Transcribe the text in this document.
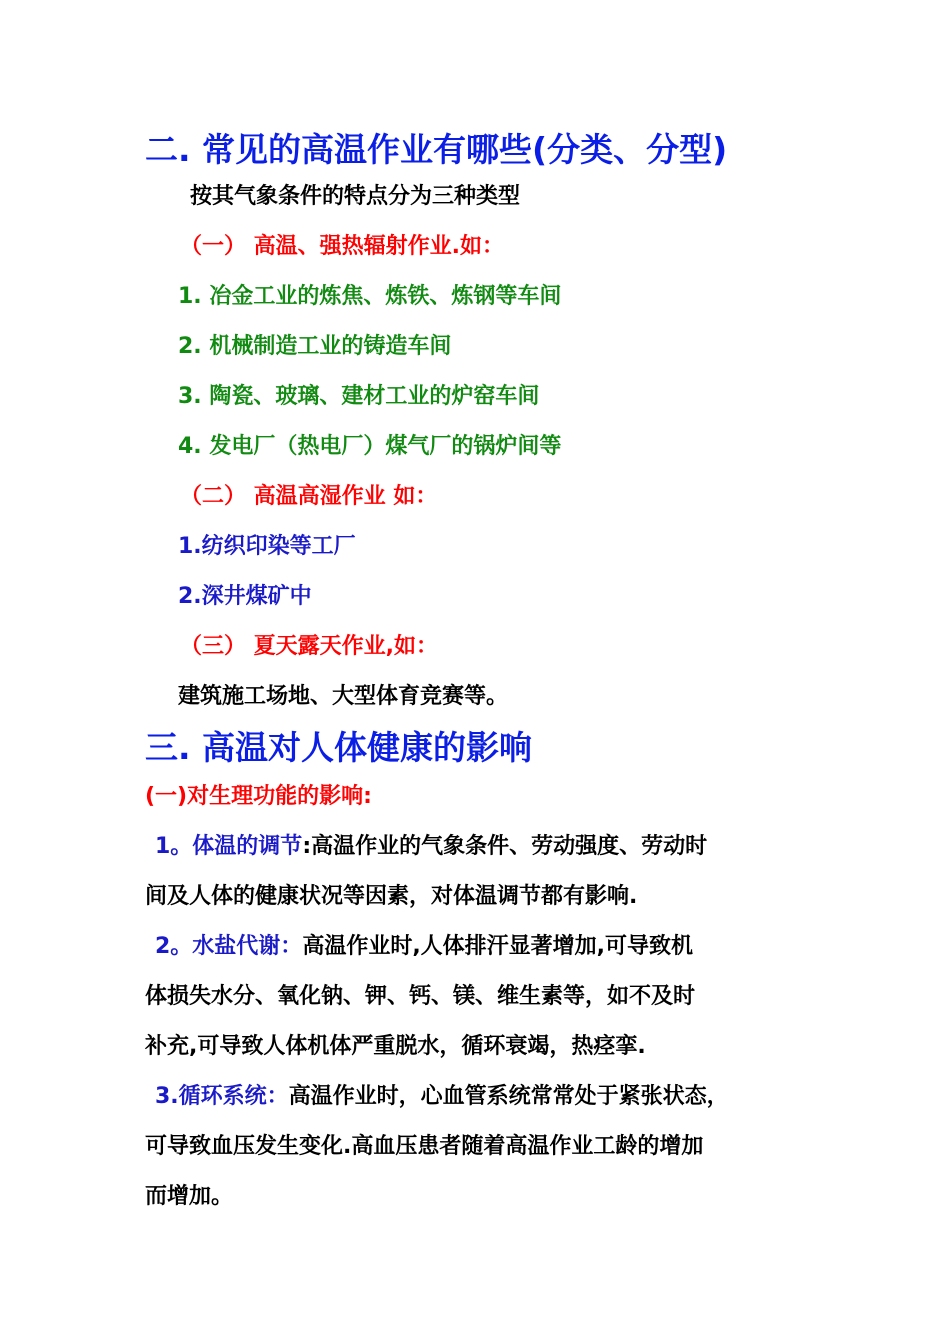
二. 常见的高温作业有哪些(分类、分型)
按其气象条件的特点分为三种类型
（一） 高温、强热辐射作业.如：
1. 冶金工业的炼焦、炼铁、炼钢等车间
2. 机械制造工业的铸造车间
3. 陶瓷、玻璃、建材工业的炉窑车间
4. 发电厂（热电厂）煤气厂的锅炉间等
（二） 高温高湿作业 如：
1.纺织印染等工厂
2.深井煤矿中
（三） 夏天露天作业,如：
建筑施工场地、大型体育竞赛等。
三. 高温对人体健康的影响
(一)对生理功能的影响:
1。体温的调节:高温作业的气象条件、劳动强度、劳动时
间及人体的健康状况等因素，对体温调节都有影响.
2。水盐代谢：高温作业时,人体排汗显著增加,可导致机
体损失水分、氧化钠、钾、钙、镁、维生素等，如不及时
补充,可导致人体机体严重脱水，循环衰竭，热痉挛.
3.循环系统：高温作业时，心血管系统常常处于紧张状态，
可导致血压发生变化.高血压患者随着高温作业工龄的增加
而增加。
